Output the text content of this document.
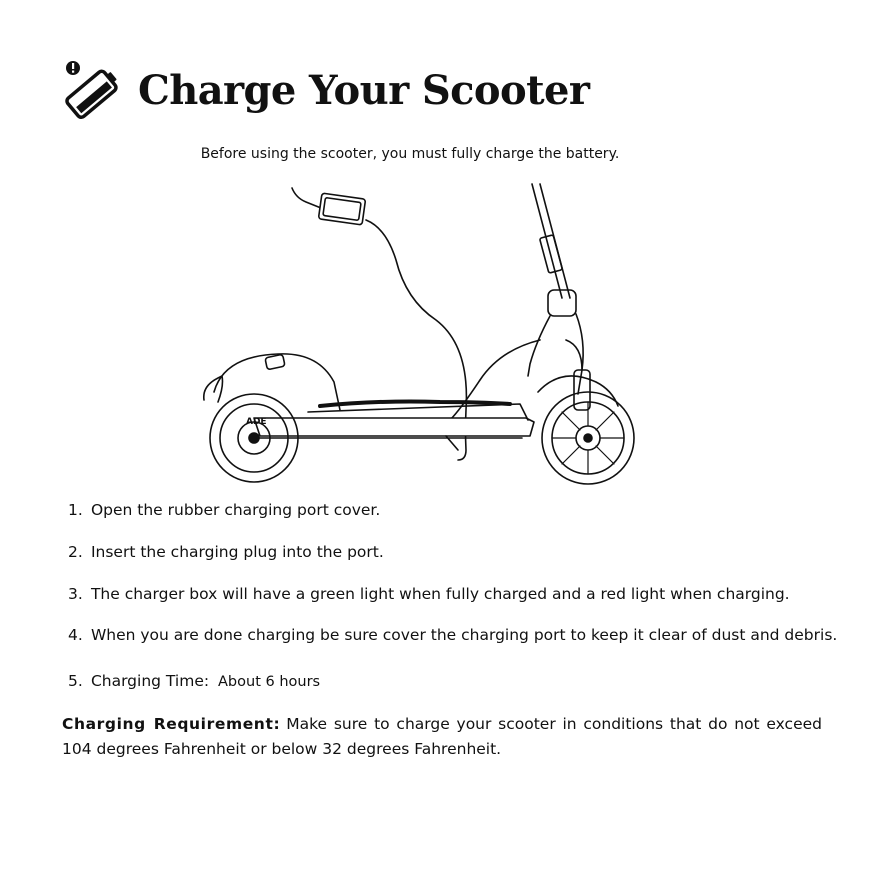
Charge Your Scooter
Before using the scooter, you must fully charge the battery.
ADE
1. Open the rubber charging port cover.
2. Insert the charging plug into the port.
3. The charger box will have a green light when fully charged and a red light when charging.
4. When you are done charging be sure cover the charging port to keep it clear of dust and debris.
5. Charging Time: About 6 hours
Charging Requirement: Make sure to charge your scooter in conditions that do not exceed 104 degrees Fahrenheit or below 32 degrees Fahrenheit.
